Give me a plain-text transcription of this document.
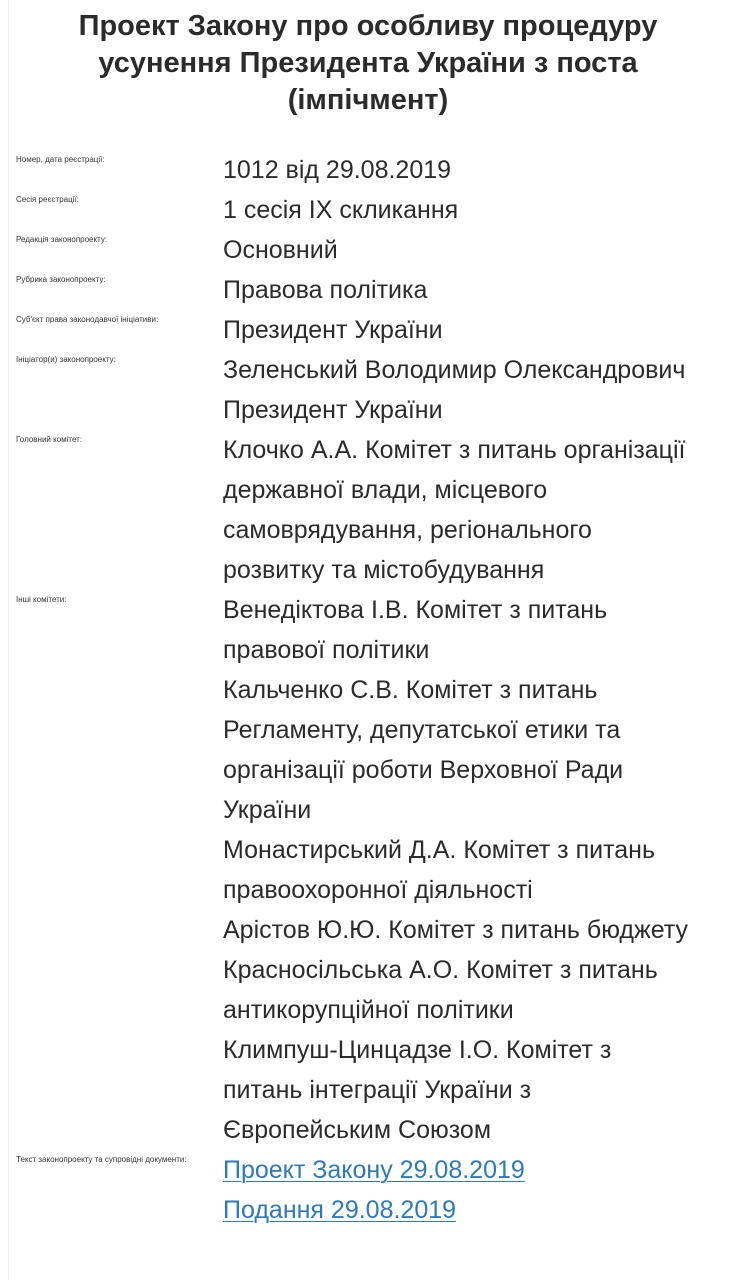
Проект Закону про особливу процедуру
усунення Президента України з поста
(імпічмент)
Номер, дата реєстрації:	1012 від 29.08.2019
Сесія реєстрації:	1 сесія IX скликання
Редакція законопроекту:	Основний
Рубрика законопроекту:	Правова політика
Суб'єкт права законодавчої ініціативи:	Президент України
Ініціатор(и) законопроекту:	Зеленський Володимир Олександрович
Президент України
Головний комітет:	Клочко А.А. Комітет з питань організації
державної влади, місцевого
самоврядування, регіонального
розвитку та містобудування
Інші комітети:	Венедіктова І.В. Комітет з питань
правової політики
Кальченко С.В. Комітет з питань
Регламенту, депутатської етики та
організації роботи Верховної Ради
України
Монастирський Д.А. Комітет з питань
правоохоронної діяльності
Арістов Ю.Ю. Комітет з питань бюджету
Красносільська А.О. Комітет з питань
антикорупційної політики
Климпуш-Цинцадзе І.О. Комітет з
питань інтеграції України з
Європейським Союзом
Текст законопроекту та супровідні документи:	Проект Закону 29.08.2019
Подання 29.08.2019
